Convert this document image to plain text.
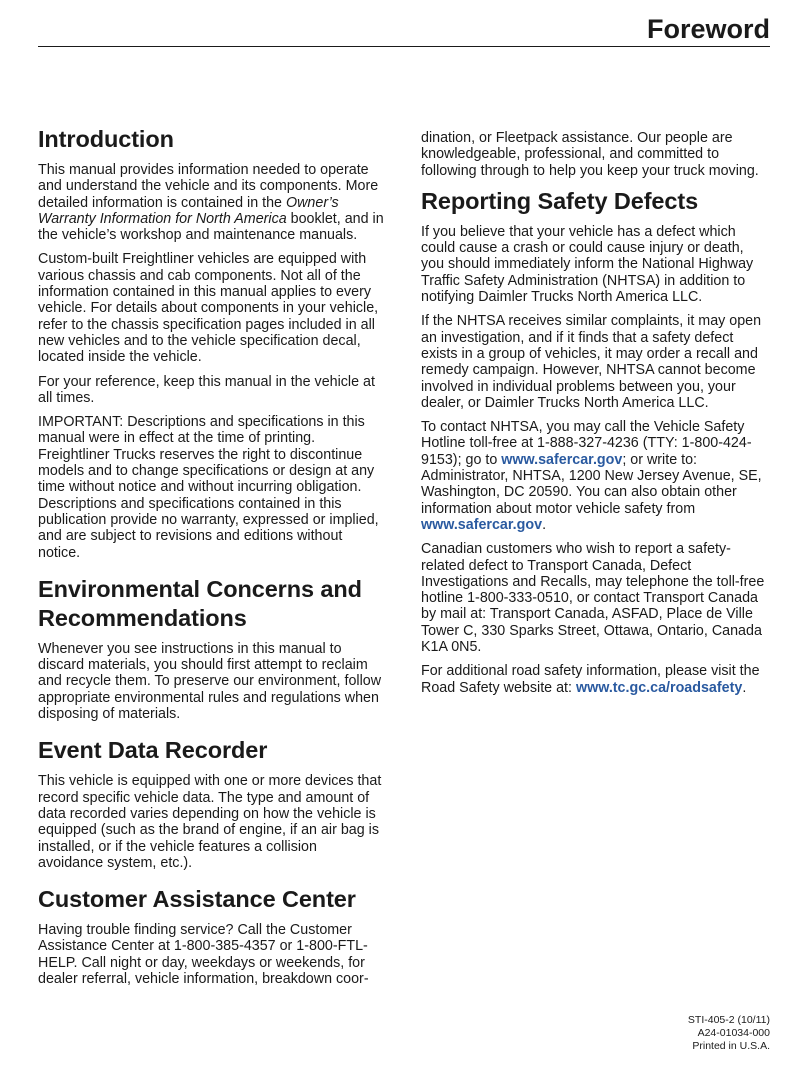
Foreword
Introduction

This manual provides information needed to operate and understand the vehicle and its components. More detailed information is contained in the Owner’s Warranty Information for North America booklet, and in the vehicle’s workshop and maintenance manuals.

Custom-built Freightliner vehicles are equipped with various chassis and cab components. Not all of the information contained in this manual applies to every vehicle. For details about components in your vehicle, refer to the chassis specification pages included in all new vehicles and to the vehicle specification decal, located inside the vehicle.

For your reference, keep this manual in the vehicle at all times.

IMPORTANT: Descriptions and specifications in this manual were in effect at the time of printing. Freightliner Trucks reserves the right to discontinue models and to change specifications or design at any time without notice and without incurring obligation. Descriptions and specifications contained in this publication provide no warranty, expressed or implied, and are subject to revisions and editions without notice.

Environmental Concerns and Recommendations

Whenever you see instructions in this manual to discard materials, you should first attempt to reclaim and recycle them. To preserve our environment, follow appropriate environmental rules and regulations when disposing of materials.

Event Data Recorder

This vehicle is equipped with one or more devices that record specific vehicle data. The type and amount of data recorded varies depending on how the vehicle is equipped (such as the brand of engine, if an air bag is installed, or if the vehicle features a collision avoidance system, etc.).

Customer Assistance Center

Having trouble finding service? Call the Customer Assistance Center at 1-800-385-4357 or 1-800-FTL-HELP. Call night or day, weekdays or weekends, for dealer referral, vehicle information, breakdown coor-

dination, or Fleetpack assistance. Our people are knowledgeable, professional, and committed to following through to help you keep your truck moving.

Reporting Safety Defects

If you believe that your vehicle has a defect which could cause a crash or could cause injury or death, you should immediately inform the National Highway Traffic Safety Administration (NHTSA) in addition to notifying Daimler Trucks North America LLC.

If the NHTSA receives similar complaints, it may open an investigation, and if it finds that a safety defect exists in a group of vehicles, it may order a recall and remedy campaign. However, NHTSA cannot become involved in individual problems between you, your dealer, or Daimler Trucks North America LLC.

To contact NHTSA, you may call the Vehicle Safety Hotline toll-free at 1-888-327-4236 (TTY: 1-800-424-9153); go to www.safercar.gov; or write to: Administrator, NHTSA, 1200 New Jersey Avenue, SE, Washington, DC 20590. You can also obtain other information about motor vehicle safety from www.safercar.gov.

Canadian customers who wish to report a safety-related defect to Transport Canada, Defect Investigations and Recalls, may telephone the toll-free hotline 1-800-333-0510, or contact Transport Canada by mail at: Transport Canada, ASFAD, Place de Ville Tower C, 330 Sparks Street, Ottawa, Ontario, Canada K1A 0N5.

For additional road safety information, please visit the Road Safety website at: www.tc.gc.ca/roadsafety.

STI-405-2 (10/11)
A24-01034-000
Printed in U.S.A.
